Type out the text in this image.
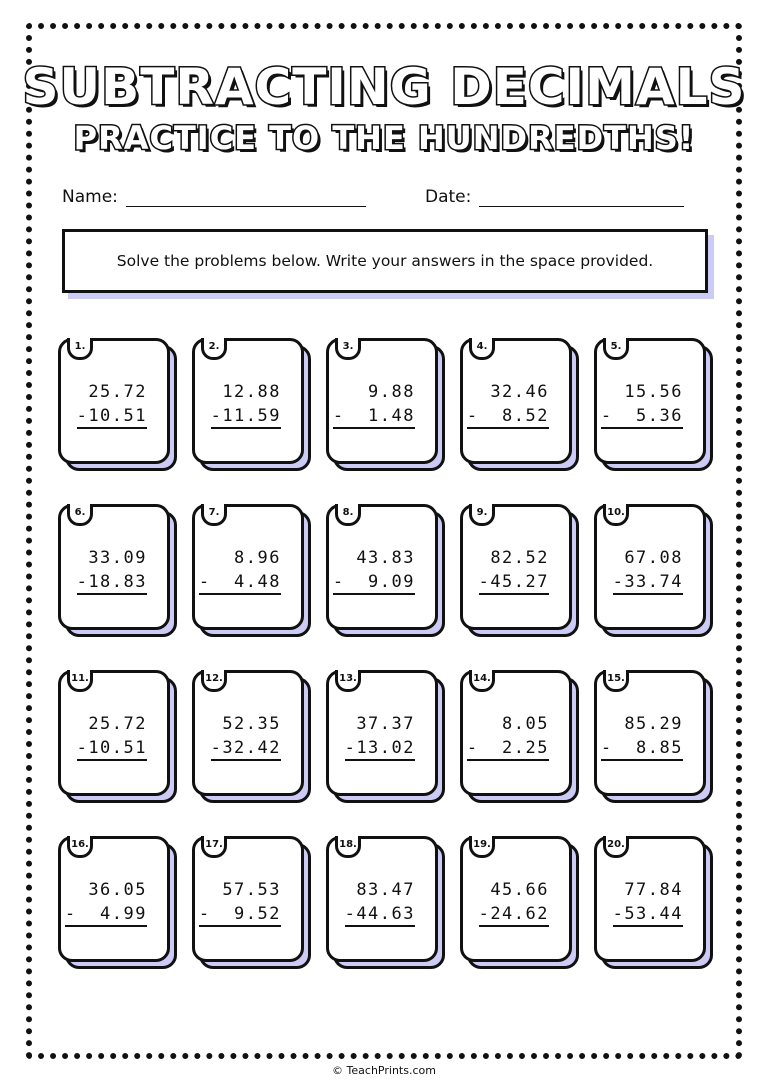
SUBTRACTING DECIMALS
PRACTICE TO THE HUNDREDTHS!
Name:	Date:
Solve the problems below. Write your answers in the space provided.
1.
25.72
-10.51
2.
12.88
-11.59
3.
9.88
-  1.48
4.
32.46
-  8.52
5.
15.56
-  5.36
6.
33.09
-18.83
7.
8.96
-  4.48
8.
43.83
-  9.09
9.
82.52
-45.27
10.
67.08
-33.74
11.
25.72
-10.51
12.
52.35
-32.42
13.
37.37
-13.02
14.
8.05
-  2.25
15.
85.29
-  8.85
16.
36.05
-  4.99
17.
57.53
-  9.52
18.
83.47
-44.63
19.
45.66
-24.62
20.
77.84
-53.44
© TeachPrints.com
